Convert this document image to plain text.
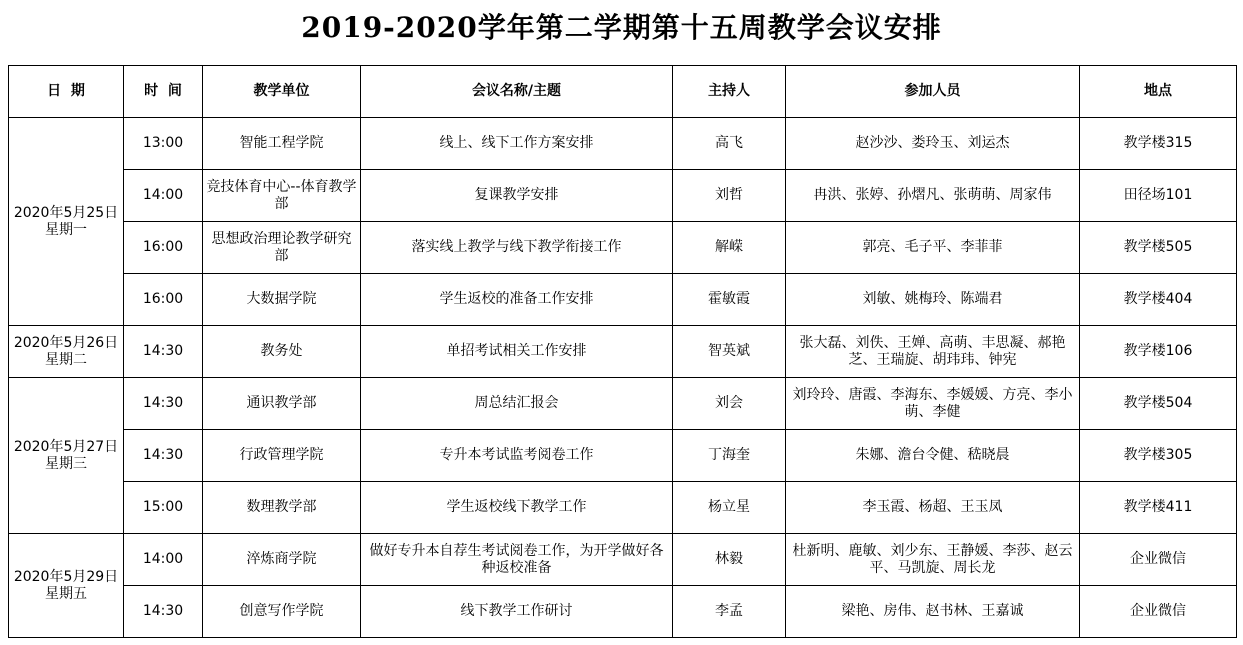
2019-2020学年第二学期第十五周教学会议安排
日  期	时  间	教学单位	会议名称/主题	主持人	参加人员	地点

2020年5月25日
星期一	13:00	智能工程学院	线上、线下工作方案安排	高飞	赵沙沙、娄玲玉、刘运杰	教学楼315
	14:00	竞技体育中心--体育教学部	复课教学安排	刘哲	冉洪、张婷、孙熠凡、张萌萌、周家伟	田径场101
	16:00	思想政治理论教学研究部	落实线上教学与线下教学衔接工作	解嵘	郭亮、毛子平、李菲菲	教学楼505
	16:00	大数据学院	学生返校的准备工作安排	霍敏霞	刘敏、姚梅玲、陈端君	教学楼404

2020年5月26日
星期二	14:30	教务处	单招考试相关工作安排	智英斌	张大磊、刘佚、王婵、高萌、丰思凝、郝艳芝、王瑞旋、胡玮玮、钟宪	教学楼106

2020年5月27日
星期三	14:30	通识教学部	周总结汇报会	刘会	刘玲玲、唐霞、李海东、李媛媛、方亮、李小萌、李健	教学楼504
	14:30	行政管理学院	专升本考试监考阅卷工作	丁海奎	朱娜、澹台令健、嵇晓晨	教学楼305
	15:00	数理教学部	学生返校线下教学工作	杨立星	李玉霞、杨超、王玉凤	教学楼411

2020年5月29日
星期五	14:00	淬炼商学院	做好专升本自荐生考试阅卷工作，为开学做好各种返校准备	林毅	杜新明、鹿敏、刘少东、王静媛、李莎、赵云平、马凯旋、周长龙	企业微信
	14:30	创意写作学院	线下教学工作研讨	李孟	梁艳、房伟、赵书林、王嘉诚	企业微信
